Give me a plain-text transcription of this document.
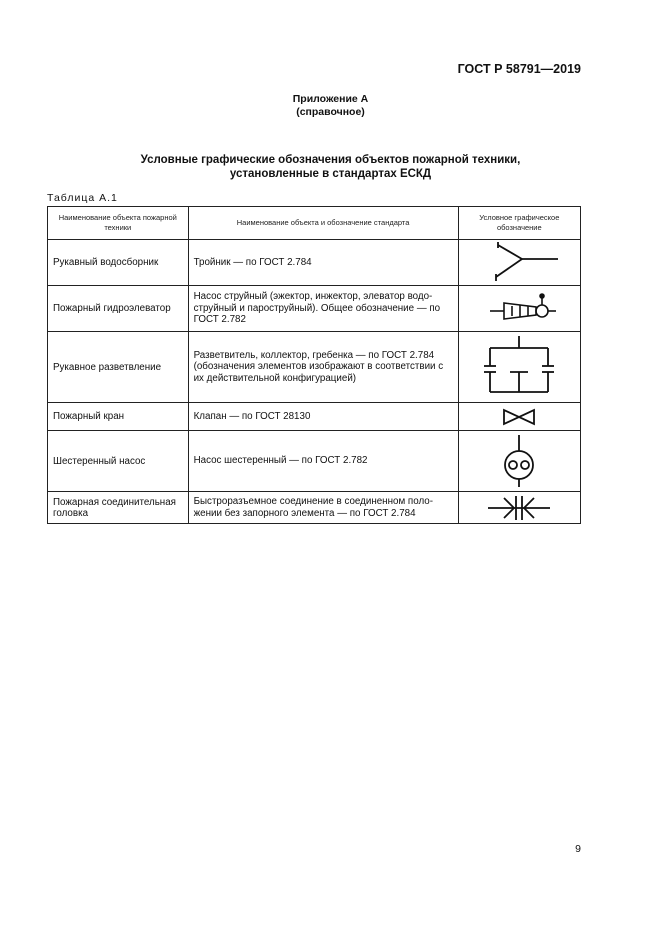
ГОСТ Р 58791—2019
Приложение А
(справочное)
Условные графические обозначения объектов пожарной техники,
установленные в стандартах ЕСКД
Таблица А.1
Наименование объекта пожарной техники	Наименование объекта и обозначение стандарта	Условное графическое обозначение
Рукавный водосборник	Тройник — по ГОСТ 2.784	

Пожарный гидроэлеватор	Насос струйный (эжектор, инжектор, элеватор водо-струйный и пароструйный). Общее обозначение — по ГОСТ 2.782	

Рукавное разветвление	Разветвитель, коллектор, гребенка — по ГОСТ 2.784 (обозначения элементов изображают в соответствии с их действительной конфигурацией)	

Пожарный кран	Клапан — по ГОСТ 28130	

Шестеренный насос	Насос шестеренный — по ГОСТ 2.782	

Пожарная соединительная головка	Быстроразъемное соединение в соединенном поло-жении без запорного элемента — по ГОСТ 2.784	
9
